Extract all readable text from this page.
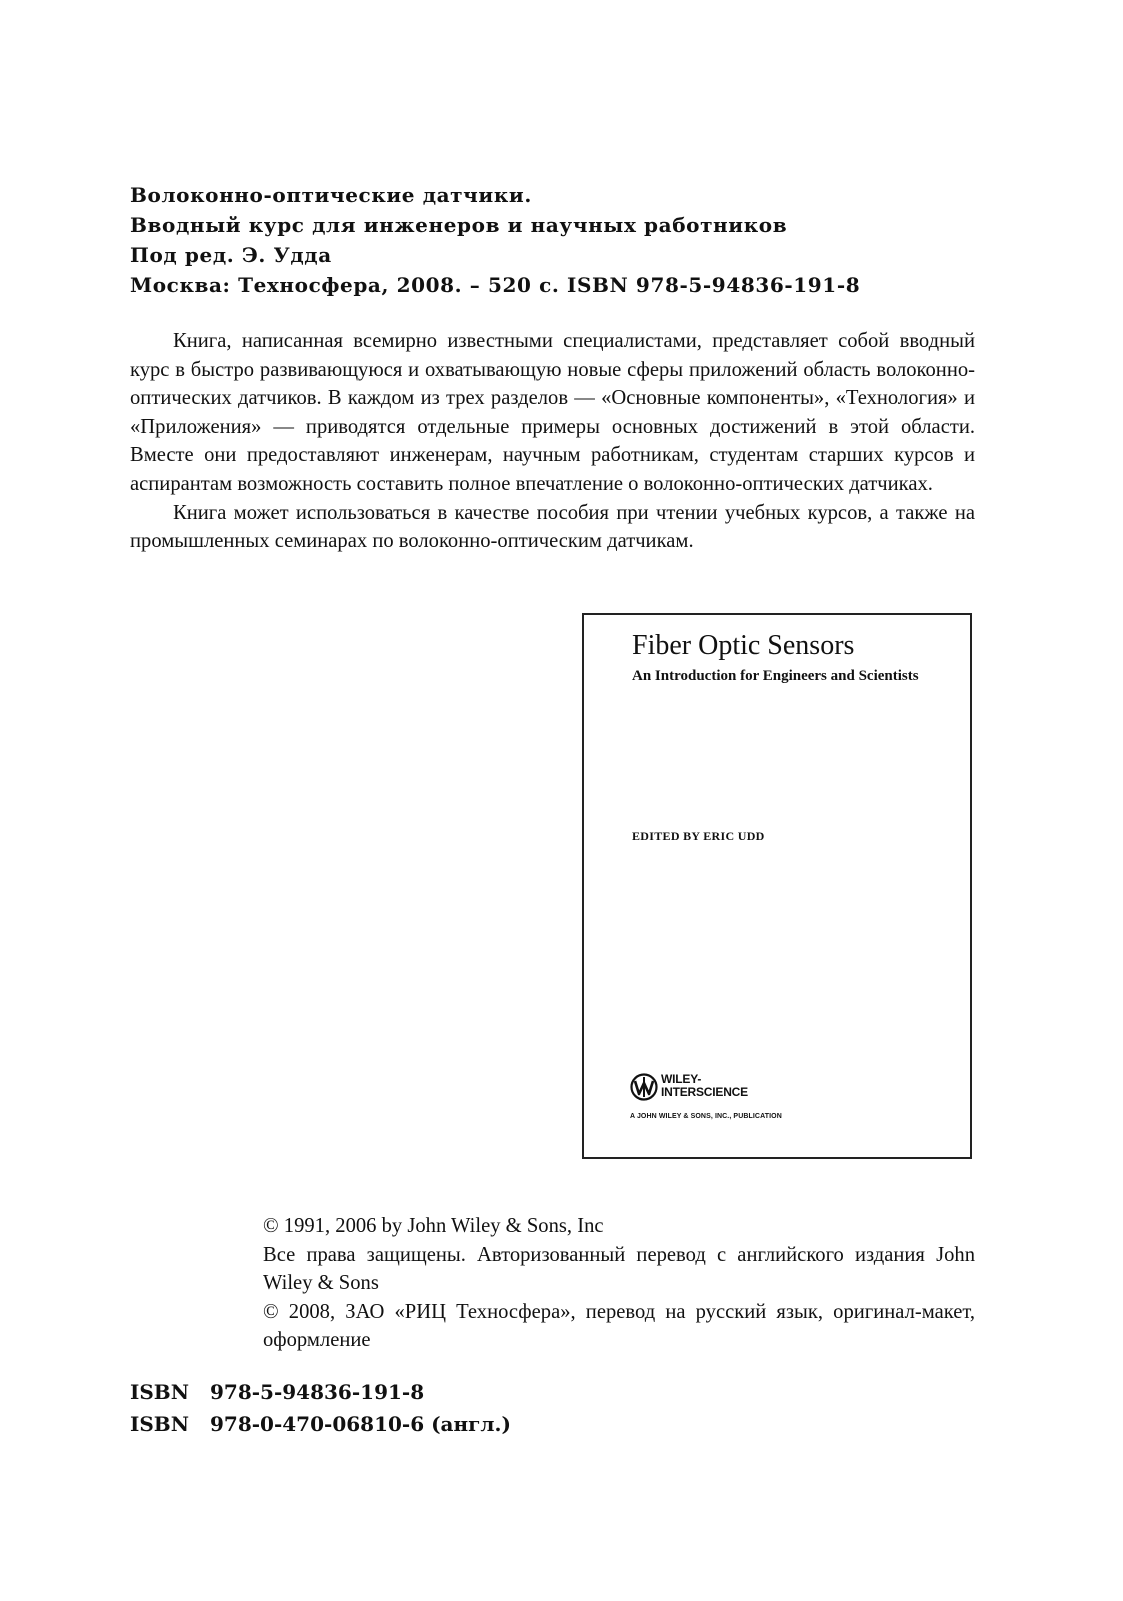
Волоконно-оптические датчики.
Вводный курс для инженеров и научных работников
Под ред. Э. Удда
Москва: Техносфера, 2008. – 520 с. ISBN 978-5-94836-191-8

Книга, написанная всемирно известными специалистами, представляет собой вводный курс в быстро развивающуюся и охватывающую новые сферы приложений область волоконно-оптических датчиков. В каждом из трех разделов — «Основные компоненты», «Технология» и «Приложения» — приводятся отдельные примеры основных достижений в этой области. Вместе они предоставляют инженерам, научным работникам, студентам старших курсов и аспирантам возможность составить полное впечатление о волоконно-оптических датчиках.

Книга может использоваться в качестве пособия при чтении учебных курсов, а также на промышленных семинарах по волоконно-оптическим датчикам.

Fiber Optic Sensors
An Introduction for Engineers and Scientists
EDITED BY ERIC UDD
WILEY-
INTERSCIENCE
A JOHN WILEY & SONS, INC., PUBLICATION

© 1991, 2006 by John Wiley & Sons, Inc

Все права защищены. Авторизованный перевод с английского издания John Wiley & Sons

© 2008, ЗАО «РИЦ Техносфера», перевод на русский язык, оригинал-макет, оформление

ISBN 978-5-94836-191-8
ISBN 978-0-470-06810-6 (англ.)
